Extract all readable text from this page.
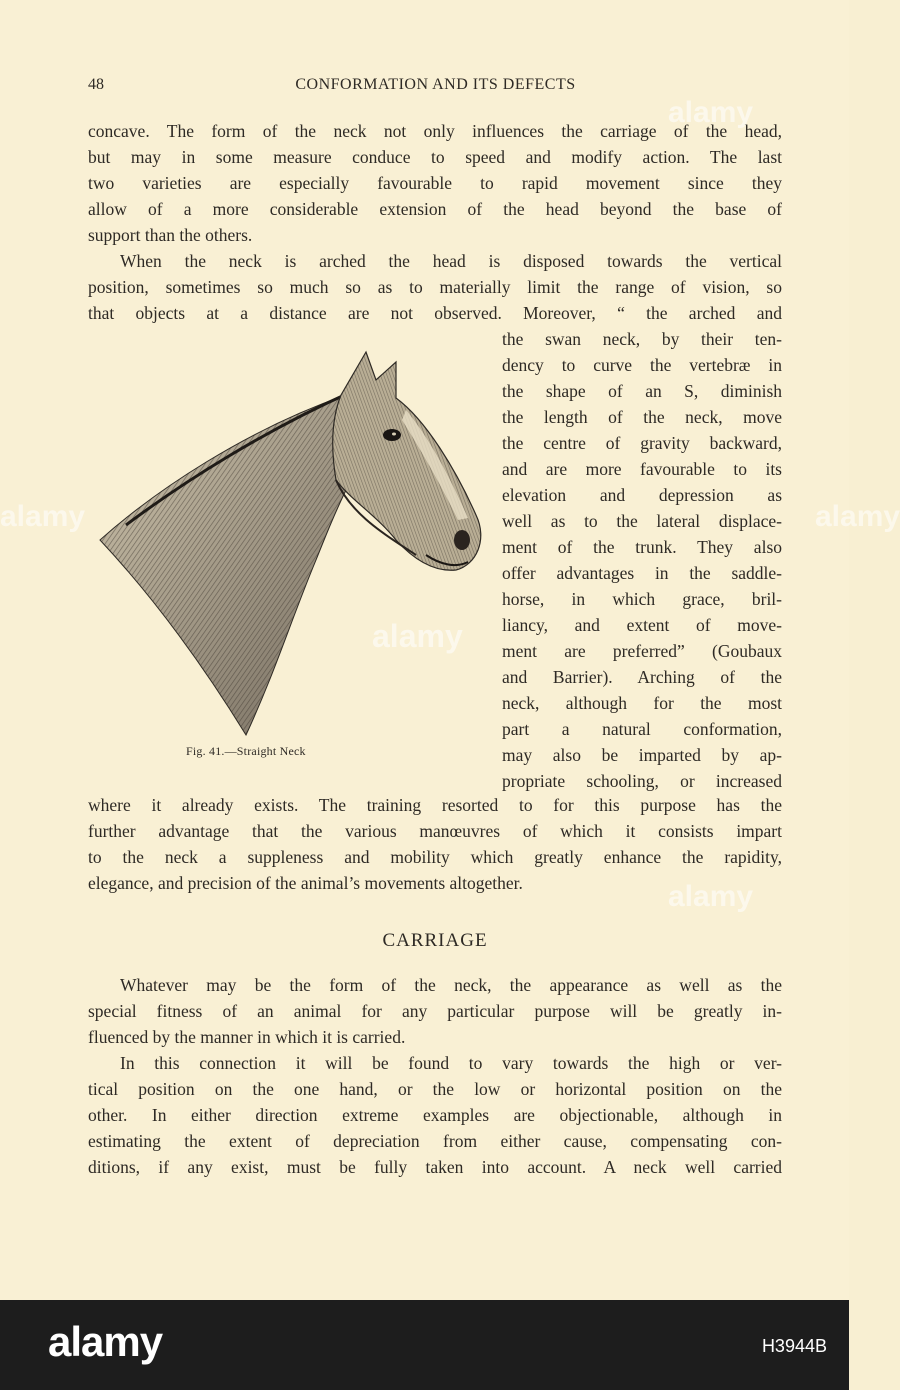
48	CONFORMATION AND ITS DEFECTS

concave. The form of the neck not only influences the carriage of the head,
but may in some measure conduce to speed and modify action. The last
two varieties are especially favourable to rapid movement since they
allow of a more considerable extension of the head beyond the base of
support than the others.

When the neck is arched the head is disposed towards the vertical
position, sometimes so much so as to materially limit the range of vision, so
that objects at a distance are not observed. Moreover, “ the arched and

the swan neck, by their ten-
dency to curve the vertebræ in
the shape of an S, diminish
the length of the neck, move
the centre of gravity backward,
and are more favourable to its
elevation and depression as
well as to the lateral displace-
ment of the trunk. They also
offer advantages in the saddle-
horse, in which grace, bril-
liancy, and extent of move-
ment are preferred” (Goubaux
and Barrier). Arching of the
neck, although for the most
part a natural conformation,
may also be imparted by ap-
propriate schooling, or increased

Fig. 41.—Straight Neck

where it already exists. The training resorted to for this purpose has the
further advantage that the various manœuvres of which it consists impart
to the neck a suppleness and mobility which greatly enhance the rapidity,
elegance, and precision of the animal’s movements altogether.

CARRIAGE

Whatever may be the form of the neck, the appearance as well as the
special fitness of an animal for any particular purpose will be greatly in-
fluenced by the manner in which it is carried.

In this connection it will be found to vary towards the high or ver-
tical position on the one hand, or the low or horizontal position on the
other. In either direction extreme examples are objectionable, although in
estimating the extent of depreciation from either cause, compensating con-
ditions, if any exist, must be fully taken into account. A neck well carried

alamy
alamy
alamy
alamy	alamy
alamy	H3944B
